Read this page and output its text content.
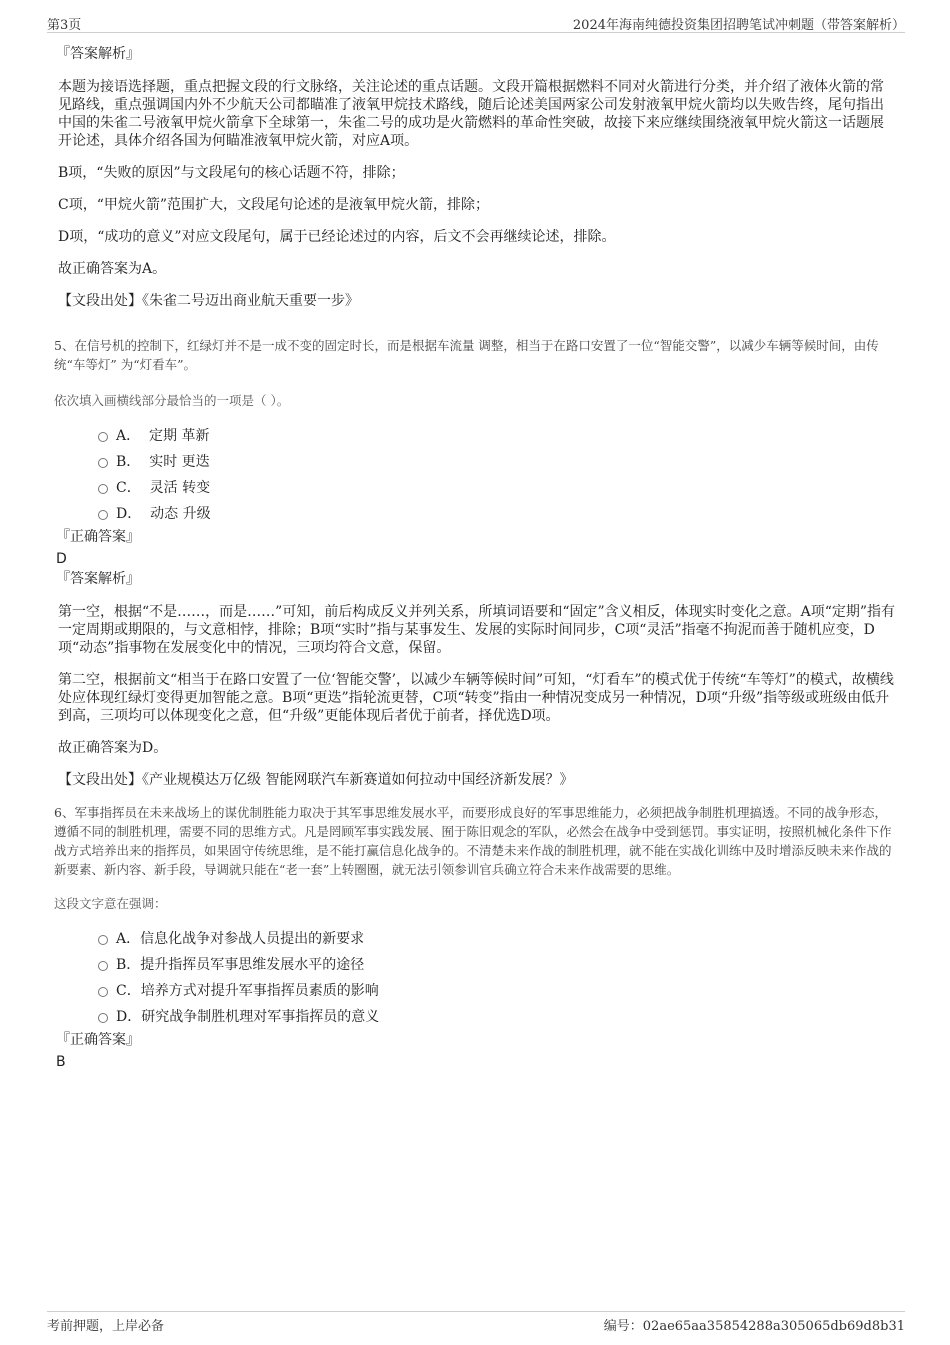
第3页	2024年海南纯德投资集团招聘笔试冲刺题（带答案解析）
『答案解析』

本题为接语选择题，重点把握文段的行文脉络，关注论述的重点话题。文段开篇根据燃料不同对火箭进行分类，并介绍了液体火箭的常见路线，重点强调国内外不少航天公司都瞄准了液氧甲烷技术路线，随后论述美国两家公司发射液氧甲烷火箭均以失败告终，尾句指出中国的朱雀二号液氧甲烷火箭拿下全球第一，朱雀二号的成功是火箭燃料的革命性突破，故接下来应继续围绕液氧甲烷火箭这一话题展开论述，具体介绍各国为何瞄准液氧甲烷火箭，对应A项。

B项，“失败的原因”与文段尾句的核心话题不符，排除；

C项，“甲烷火箭”范围扩大，文段尾句论述的是液氧甲烷火箭，排除；

D项，“成功的意义”对应文段尾句，属于已经论述过的内容，后文不会再继续论述，排除。

故正确答案为A。

【文段出处】《朱雀二号迈出商业航天重要一步》

5、在信号机的控制下，红绿灯并不是一成不变的固定时长，而是根据车流量 调整，相当于在路口安置了一位“智能交警”，以减少车辆等候时间，由传统“车等灯” 为“灯看车”。

依次填入画横线部分最恰当的一项是（ ）。

A． 定期 革新
B． 实时 更迭
C． 灵活 转变
D． 动态 升级
『正确答案』
D
『答案解析』

第一空，根据“不是……，而是……”可知，前后构成反义并列关系，所填词语要和“固定”含义相反，体现实时变化之意。A项“定期”指有一定周期或期限的，与文意相悖，排除；B项“实时”指与某事发生、发展的实际时间同步，C项“灵活”指毫不拘泥而善于随机应变，D项“动态”指事物在发展变化中的情况，三项均符合文意，保留。

第二空，根据前文“相当于在路口安置了一位‘智能交警’，以减少车辆等候时间”可知，“灯看车”的模式优于传统“车等灯”的模式，故横线处应体现红绿灯变得更加智能之意。B项“更迭”指轮流更替，C项“转变”指由一种情况变成另一种情况，D项“升级”指等级或班级由低升到高，三项均可以体现变化之意，但“升级”更能体现后者优于前者，择优选D项。

故正确答案为D。

【文段出处】《产业规模达万亿级 智能网联汽车新赛道如何拉动中国经济新发展？》

6、军事指挥员在未来战场上的谋优制胜能力取决于其军事思维发展水平，而要形成良好的军事思维能力，必须把战争制胜机理搞透。不同的战争形态，遵循不同的制胜机理，需要不同的思维方式。凡是罔顾军事实践发展、囿于陈旧观念的军队，必然会在战争中受到惩罚。事实证明，按照机械化条件下作战方式培养出来的指挥员，如果固守传统思维，是不能打赢信息化战争的。不清楚未来作战的制胜机理，就不能在实战化训练中及时增添反映未来作战的新要素、新内容、新手段，导调就只能在“老一套”上转圈圈，就无法引领参训官兵确立符合未来作战需要的思维。

这段文字意在强调：

A．信息化战争对参战人员提出的新要求
B．提升指挥员军事思维发展水平的途径
C．培养方式对提升军事指挥员素质的影响
D．研究战争制胜机理对军事指挥员的意义
『正确答案』
B
考前押题，上岸必备	编号：02ae65aa35854288a305065db69d8b31
